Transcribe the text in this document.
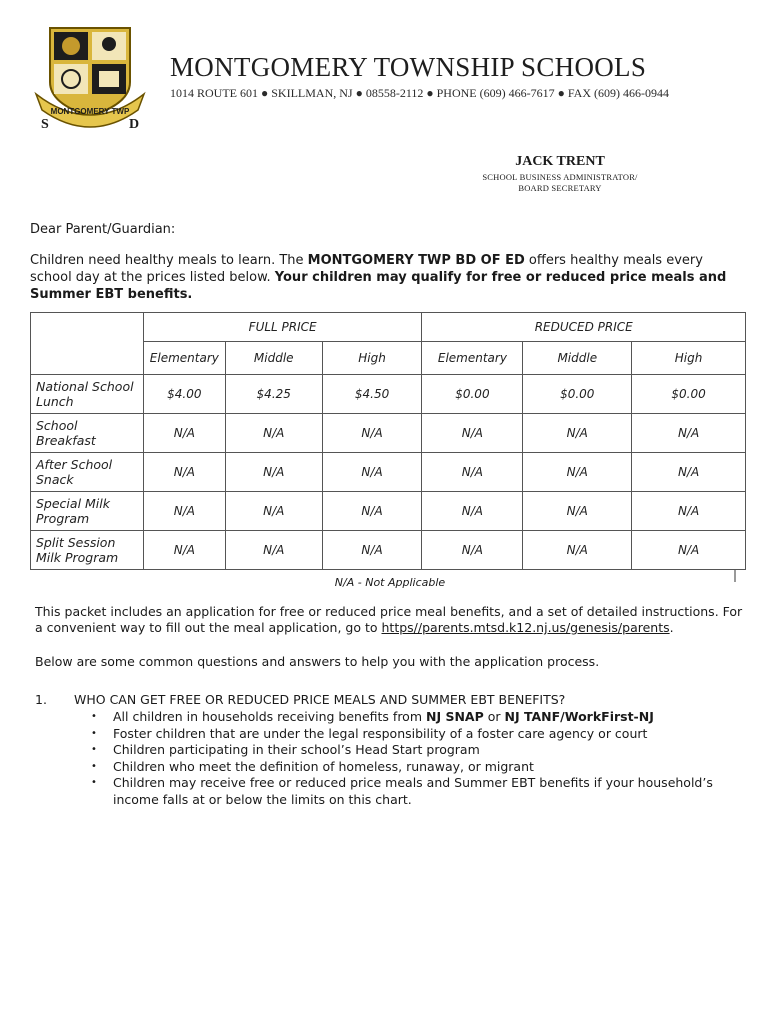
S	D
MONTGOMERY TWP
MONTGOMERY TOWNSHIP SCHOOLS
1014 ROUTE 601 ● SKILLMAN, NJ ● 08558-2112 ● PHONE (609) 466-7617 ● FAX (609) 466-0944
JACK TRENT
SCHOOL BUSINESS ADMINISTRATOR/
BOARD SECRETARY
Dear Parent/Guardian:
Children need healthy meals to learn. The MONTGOMERY TWP BD OF ED offers healthy meals every school day at the prices listed below. Your children may qualify for free or reduced price meals and Summer EBT benefits.
	FULL PRICE			REDUCED PRICE		
	Elementary	Middle	High	Elementary	Middle	High

National School
Lunch	$4.00	$4.25	$4.50	$0.00	$0.00	$0.00

School
Breakfast	N/A	N/A	N/A	N/A	N/A	N/A

After School
Snack	N/A	N/A	N/A	N/A	N/A	N/A

Special Milk
Program	N/A	N/A	N/A	N/A	N/A	N/A

Split Session
Milk Program	N/A	N/A	N/A	N/A	N/A	N/A
N/A - Not Applicable
This packet includes an application for free or reduced price meal benefits, and a set of detailed instructions. For a convenient way to fill out the meal application, go to https//parents.mtsd.k12.nj.us/genesis/parents.
Below are some common questions and answers to help you with the application process.
1. WHO CAN GET FREE OR REDUCED PRICE MEALS AND SUMMER EBT BENEFITS?
• All children in households receiving benefits from NJ SNAP or NJ TANF/WorkFirst-NJ
• Foster children that are under the legal responsibility of a foster care agency or court
• Children participating in their school’s Head Start program
• Children who meet the definition of homeless, runaway, or migrant
• Children may receive free or reduced price meals and Summer EBT benefits if your household’s income falls at or below the limits on this chart.
